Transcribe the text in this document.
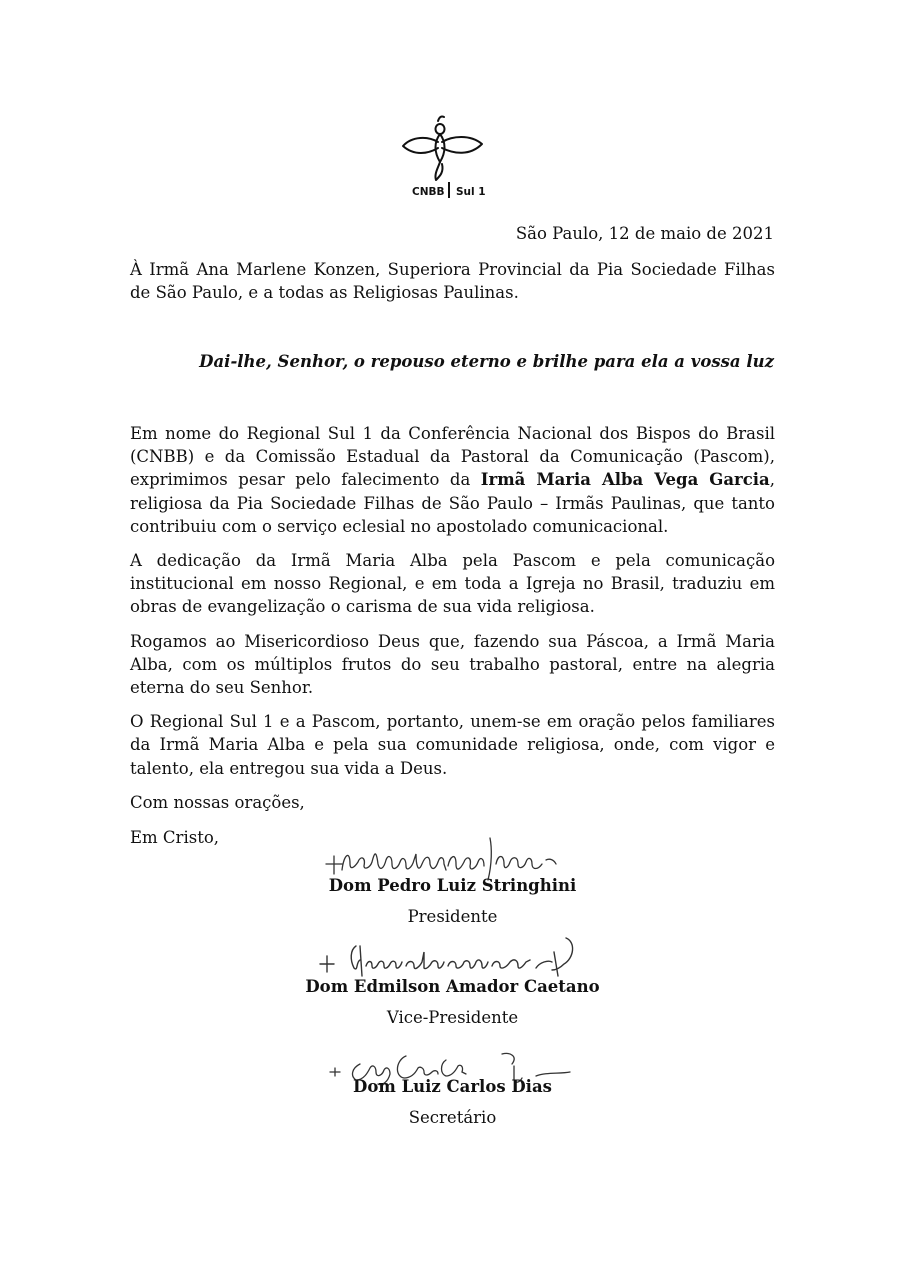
CNBB Sul 1
São Paulo, 12 de maio de 2021
À Irmã Ana Marlene Konzen, Superiora Provincial da Pia Sociedade Filhas de São Paulo, e a todas as Religiosas Paulinas.
Dai-lhe, Senhor, o repouso eterno e brilhe para ela a vossa luz

Em nome do Regional Sul 1 da Conferência Nacional dos Bispos do Brasil (CNBB) e da Comissão Estadual da Pastoral da Comunicação (Pascom), exprimimos pesar pelo falecimento da Irmã Maria Alba Vega Garcia, religiosa da Pia Sociedade Filhas de São Paulo – Irmãs Paulinas, que tanto contribuiu com o serviço eclesial no apostolado comunicacional.

A dedicação da Irmã Maria Alba pela Pascom e pela comunicação institucional em nosso Regional, e em toda a Igreja no Brasil, traduziu em obras de evangelização o carisma de sua vida religiosa.

Rogamos ao Misericordioso Deus que, fazendo sua Páscoa, a Irmã Maria Alba, com os múltiplos frutos do seu trabalho pastoral, entre na alegria eterna do seu Senhor.

O Regional Sul 1 e a Pascom, portanto, unem-se em oração pelos familiares da Irmã Maria Alba e pela sua comunidade religiosa, onde, com vigor e talento, ela entregou sua vida a Deus.

Com nossas orações,

Em Cristo,

Dom Pedro Luiz Stringhini
Presidente
Dom Edmilson Amador Caetano
Vice-Presidente
Dom Luiz Carlos Dias
Secretário
